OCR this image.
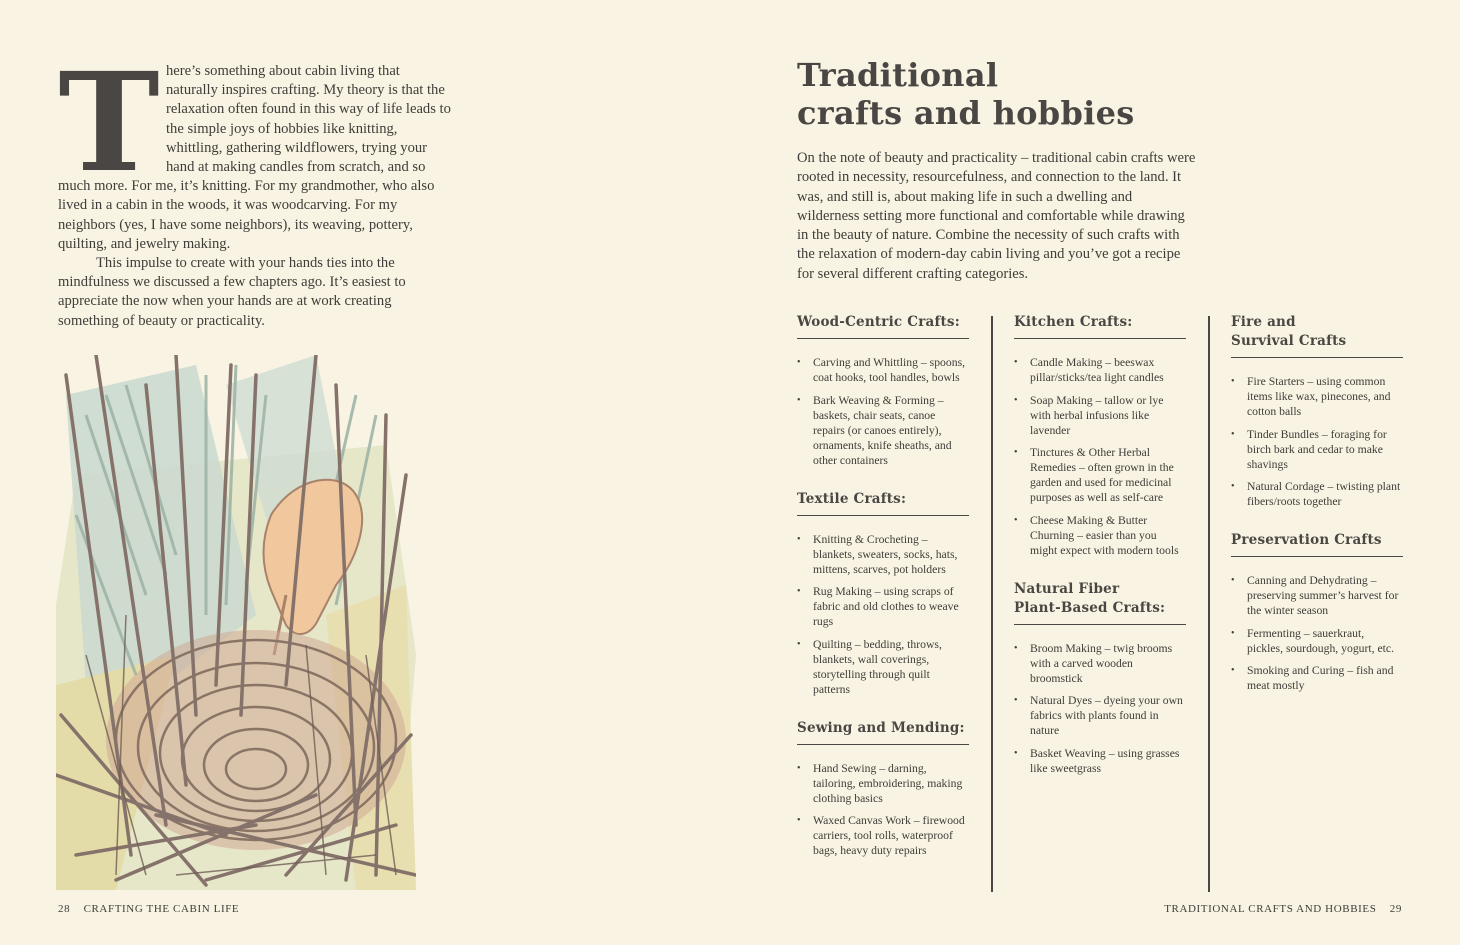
T here’s something about cabin living that naturally inspires crafting. My theory is that the relaxation often found in this way of life leads to the simple joys of hobbies like knitting, whittling, gathering wildflowers, trying your hand at making candles from scratch, and so much more. For me, it’s knitting. For my grandmother, who also lived in a cabin in the woods, it was woodcarving. For my neighbors (yes, I have some neighbors), its weaving, pottery, quilting, and jewelry making.

This impulse to create with your hands ties into the mindfulness we discussed a few chapters ago. It’s easiest to appreciate the now when your hands are at work creating something of beauty or practicality.

28 CRAFTING THE CABIN LIFE
Traditional
crafts and hobbies

On the note of beauty and practicality – traditional cabin crafts were rooted in necessity, resourcefulness, and connection to the land. It was, and still is, about making life in such a dwelling and wilderness setting more functional and comfortable while drawing in the beauty of nature. Combine the necessity of such crafts with the relaxation of modern-day cabin living and you’ve got a recipe for several different crafting categories.

Wood-Centric Crafts:
• Carving and Whittling – spoons, coat hooks, tool handles, bowls
• Bark Weaving & Forming – baskets, chair seats, canoe repairs (or canoes entirely), ornaments, knife sheaths, and other containers
Textile Crafts:
• Knitting & Crocheting – blankets, sweaters, socks, hats, mittens, scarves, pot holders
• Rug Making – using scraps of fabric and old clothes to weave rugs
• Quilting – bedding, throws, blankets, wall coverings, storytelling through quilt patterns
Sewing and Mending:
• Hand Sewing – darning, tailoring, embroidering, making clothing basics
• Waxed Canvas Work – firewood carriers, tool rolls, waterproof bags, heavy duty repairs
Kitchen Crafts:
• Candle Making – beeswax pillar/sticks/tea light candles
• Soap Making – tallow or lye with herbal infusions like lavender
• Tinctures & Other Herbal Remedies – often grown in the garden and used for medicinal purposes as well as self-care
• Cheese Making & Butter Churning – easier than you might expect with modern tools
Natural Fiber
Plant-Based Crafts:
• Broom Making – twig brooms with a carved wooden broomstick
• Natural Dyes – dyeing your own fabrics with plants found in nature
• Basket Weaving – using grasses like sweetgrass
Fire and
Survival Crafts
• Fire Starters – using common items like wax, pinecones, and cotton balls
• Tinder Bundles – foraging for birch bark and cedar to make shavings
• Natural Cordage – twisting plant fibers/roots together
Preservation Crafts
• Canning and Dehydrating – preserving summer’s harvest for the winter season
• Fermenting – sauerkraut, pickles, sourdough, yogurt, etc.
• Smoking and Curing – fish and meat mostly
TRADITIONAL CRAFTS AND HOBBIES 29
